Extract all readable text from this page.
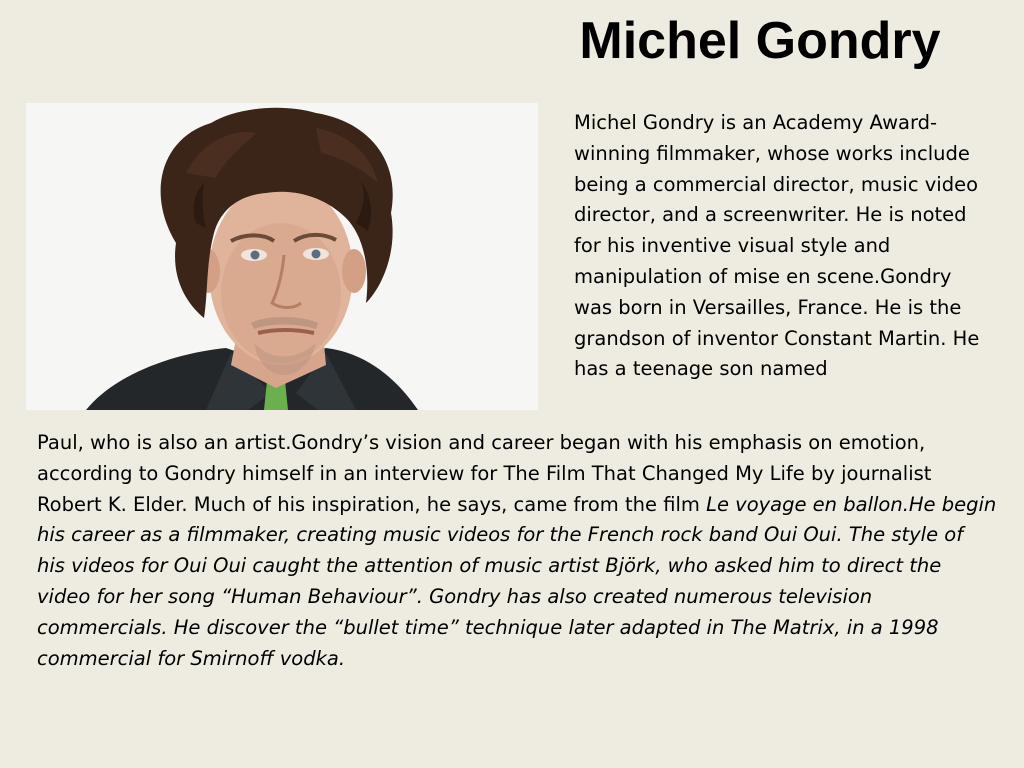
Michel Gondry

Michel Gondry is an Academy Award-winning filmmaker, whose works include being a commercial director, music video director, and a screenwriter. He is noted for his inventive visual style and manipulation of mise en scene.Gondry was born in Versailles, France. He is the grandson of inventor Constant Martin. He has a teenage son named

Paul, who is also an artist.Gondry’s vision and career began with his emphasis on emotion, according to Gondry himself in an interview for The Film That Changed My Life by journalist Robert K. Elder. Much of his inspiration, he says, came from the film Le voyage en ballon.He begin his career as a filmmaker, creating music videos for the French rock band Oui Oui. The style of his videos for Oui Oui caught the attention of music artist Björk, who asked him to direct the video for her song “Human Behaviour”. Gondry has also created numerous television commercials. He discover the “bullet time” technique later adapted in The Matrix, in a 1998 commercial for Smirnoff vodka.
